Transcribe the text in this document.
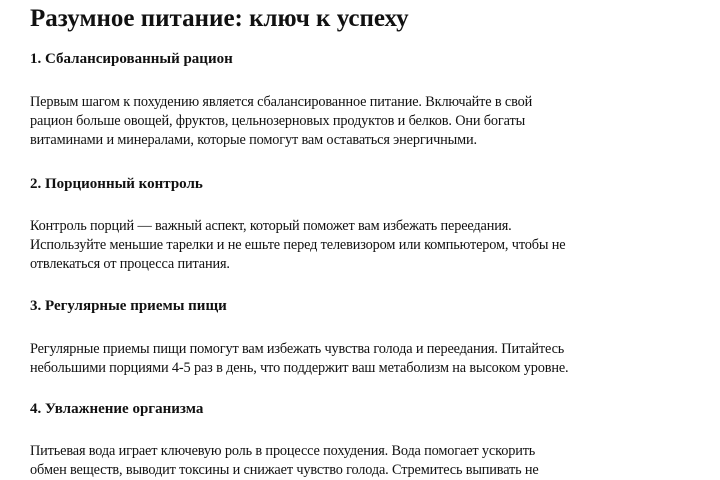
Разумное питание: ключ к успеху
1. Сбалансированный рацион

Первым шагом к похудению является сбалансированное питание. Включайте в свой
рацион больше овощей, фруктов, цельнозерновых продуктов и белков. Они богаты
витаминами и минералами, которые помогут вам оставаться энергичными.

2. Порционный контроль

Контроль порций — важный аспект, который поможет вам избежать переедания.
Используйте меньшие тарелки и не ешьте перед телевизором или компьютером, чтобы не
отвлекаться от процесса питания.

3. Регулярные приемы пищи

Регулярные приемы пищи помогут вам избежать чувства голода и переедания. Питайтесь
небольшими порциями 4-5 раз в день, что поддержит ваш метаболизм на высоком уровне.

4. Увлажнение организма

Питьевая вода играет ключевую роль в процессе похудения. Вода помогает ускорить
обмен веществ, выводит токсины и снижает чувство голода. Стремитесь выпивать не
